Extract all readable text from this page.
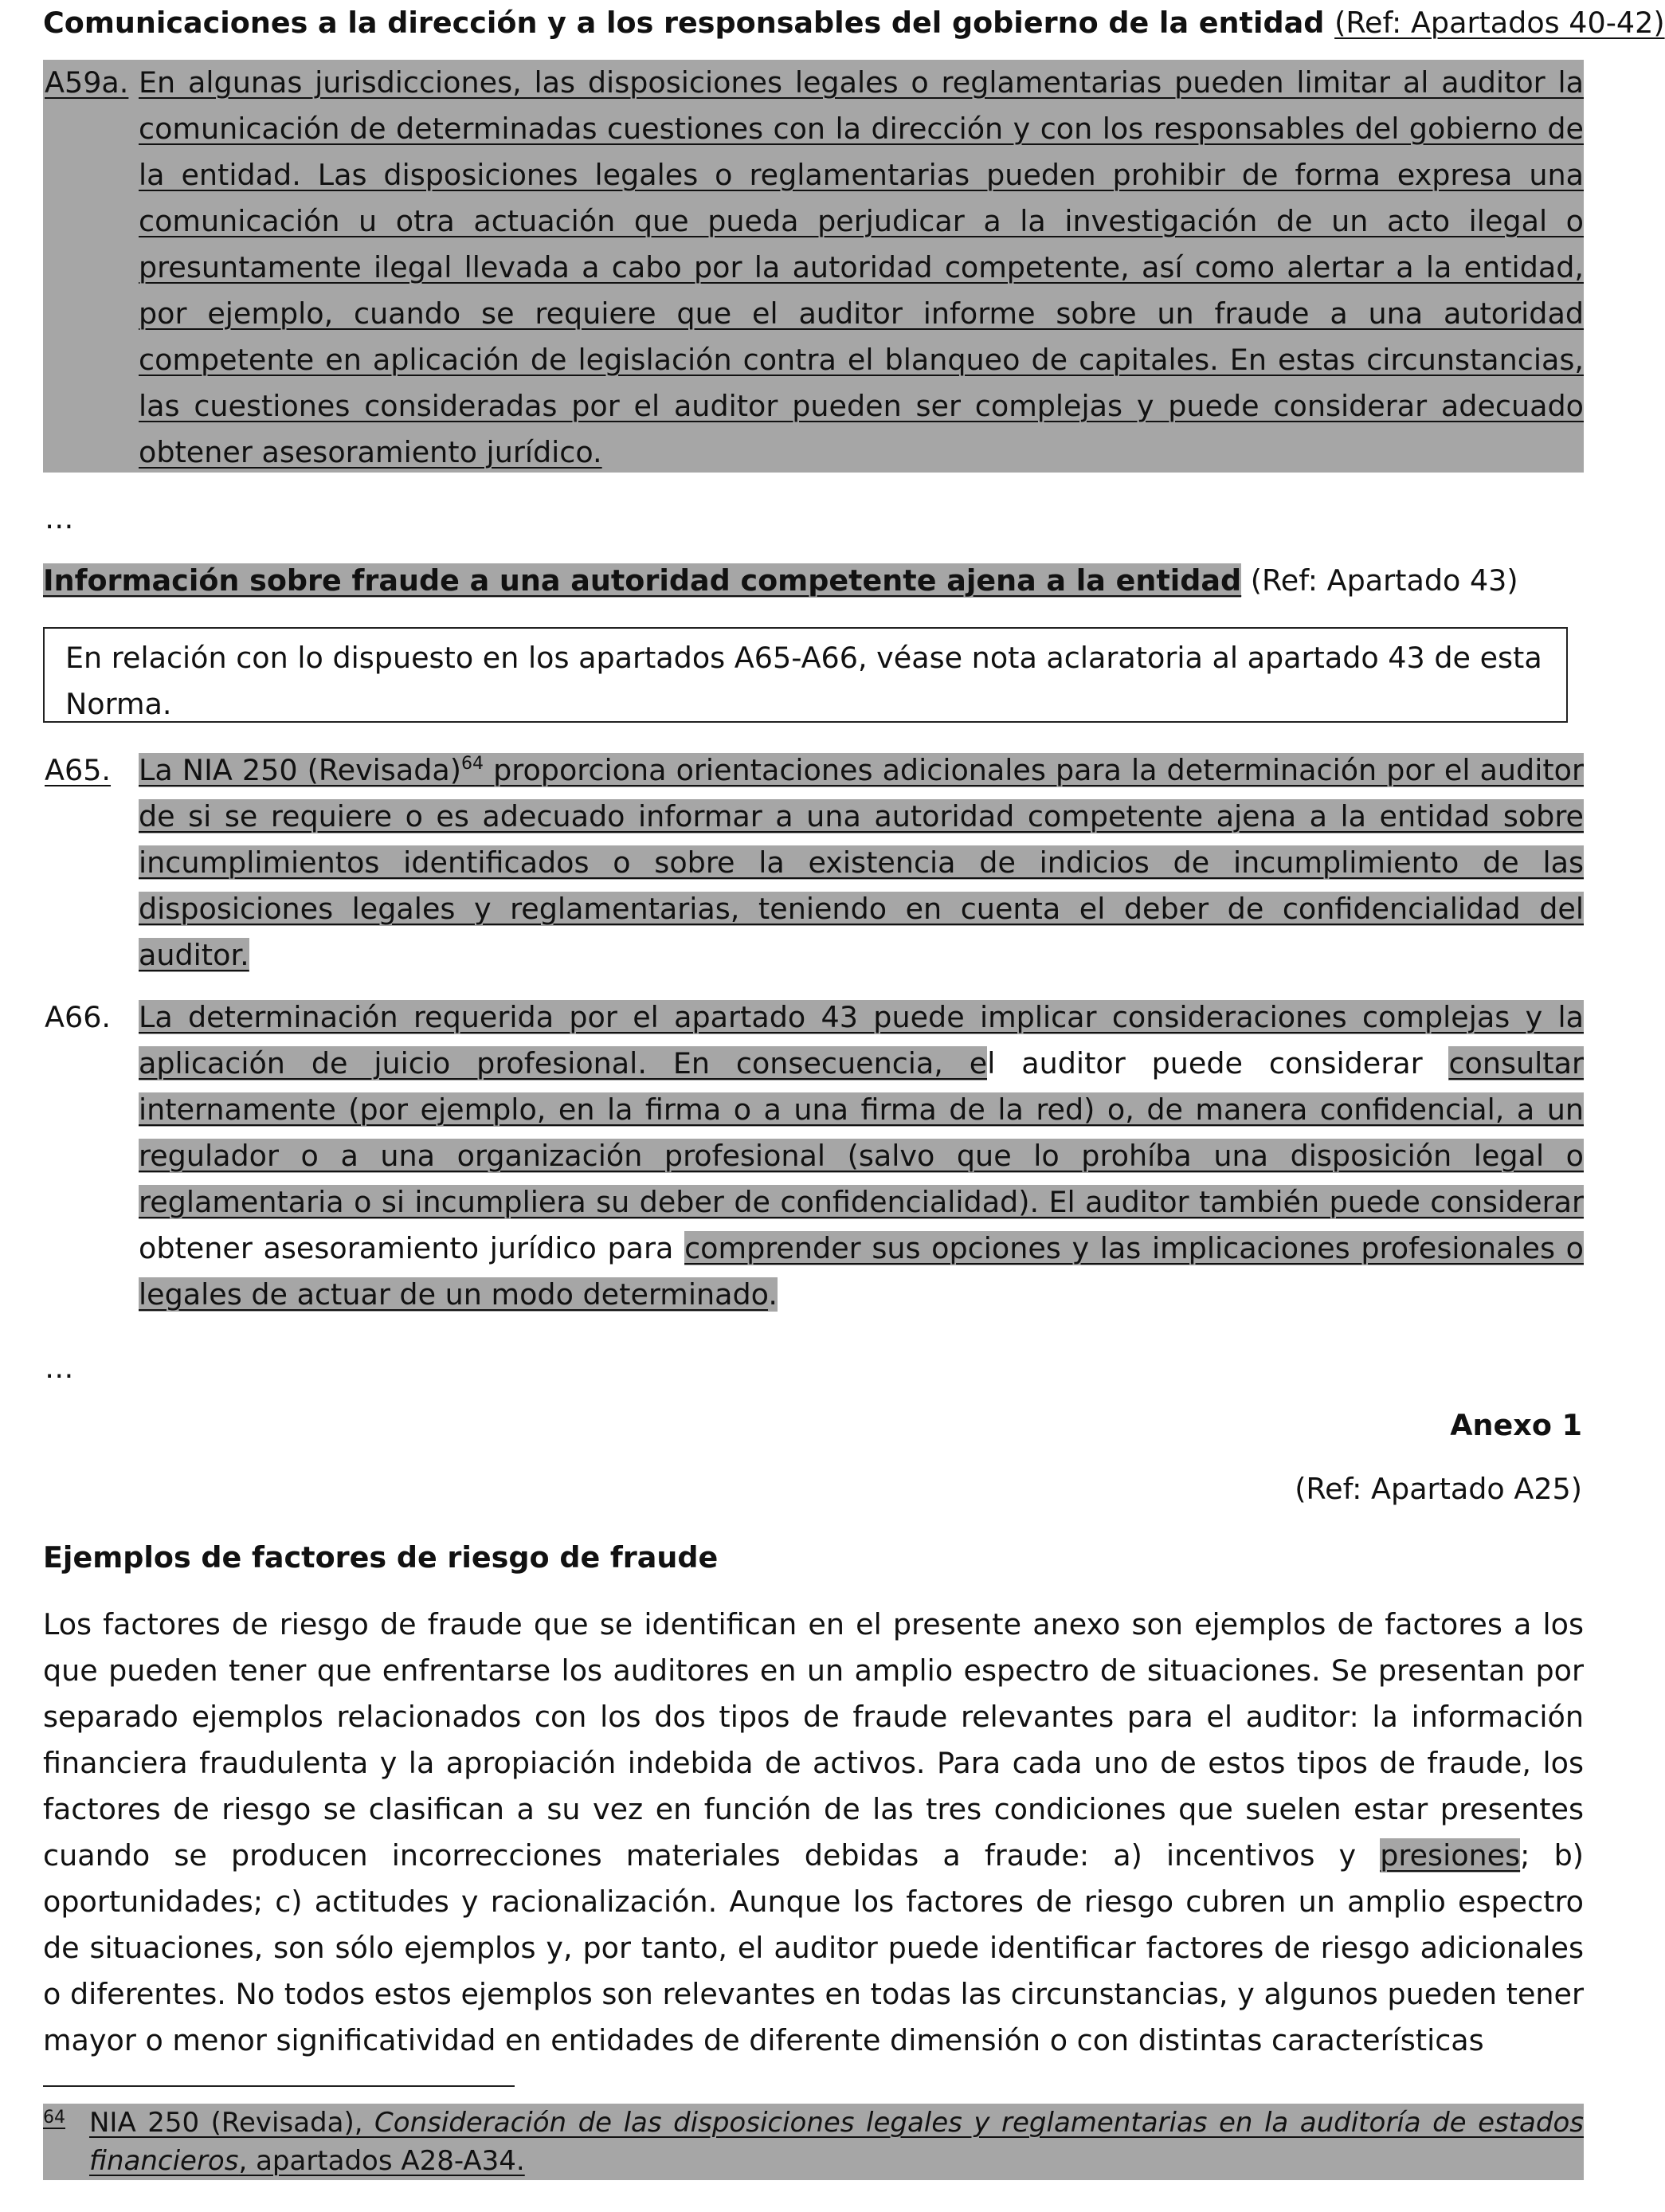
Comunicaciones a la dirección y a los responsables del gobierno de la entidad (Ref: Apartados 40-42)
A59a. En algunas jurisdicciones, las disposiciones legales o reglamentarias pueden limitar al auditor la comunicación de determinadas cuestiones con la dirección y con los responsables del gobierno de la entidad. Las disposiciones legales o reglamentarias pueden prohibir de forma expresa una comunicación u otra actuación que pueda perjudicar a la investigación de un acto ilegal o presuntamente ilegal llevada a cabo por la autoridad competente, así como alertar a la entidad, por ejemplo, cuando se requiere que el auditor informe sobre un fraude a una autoridad competente en aplicación de legislación contra el blanqueo de capitales. En estas circunstancias, las cuestiones consideradas por el auditor pueden ser complejas y puede considerar adecuado obtener asesoramiento jurídico.
…
Información sobre fraude a una autoridad competente ajena a la entidad (Ref: Apartado 43)
En relación con lo dispuesto en los apartados A65-A66, véase nota aclaratoria al apartado 43 de esta Norma.
A65. La NIA 250 (Revisada)$^{64}$ proporciona orientaciones adicionales para la determinación por el auditor de si se requiere o es adecuado informar a una autoridad competente ajena a la entidad sobre incumplimientos identificados o sobre la existencia de indicios de incumplimiento de las disposiciones legales y reglamentarias, teniendo en cuenta el deber de confidencialidad del auditor.
A66. La determinación requerida por el apartado 43 puede implicar consideraciones complejas y la aplicación de juicio profesional. En consecuencia, el auditor puede considerar consultar internamente (por ejemplo, en la firma o a una firma de la red) o, de manera confidencial, a un regulador o a una organización profesional (salvo que lo prohíba una disposición legal o reglamentaria o si incumpliera su deber de confidencialidad). El auditor también puede considerar obtener asesoramiento jurídico para comprender sus opciones y las implicaciones profesionales o legales de actuar de un modo determinado.
…
Anexo 1
(Ref: Apartado A25)
Ejemplos de factores de riesgo de fraude
Los factores de riesgo de fraude que se identifican en el presente anexo son ejemplos de factores a los que pueden tener que enfrentarse los auditores en un amplio espectro de situaciones. Se presentan por separado ejemplos relacionados con los dos tipos de fraude relevantes para el auditor: la información financiera fraudulenta y la apropiación indebida de activos. Para cada uno de estos tipos de fraude, los factores de riesgo se clasifican a su vez en función de las tres condiciones que suelen estar presentes cuando se producen incorrecciones materiales debidas a fraude: a) incentivos y presiones; b) oportunidades; c) actitudes y racionalización. Aunque los factores de riesgo cubren un amplio espectro de situaciones, son sólo ejemplos y, por tanto, el auditor puede identificar factores de riesgo adicionales o diferentes. No todos estos ejemplos son relevantes en todas las circunstancias, y algunos pueden tener mayor o menor significatividad en entidades de diferente dimensión o con distintas características
64 NIA 250 (Revisada), Consideración de las disposiciones legales y reglamentarias en la auditoría de estados financieros, apartados A28-A34.
